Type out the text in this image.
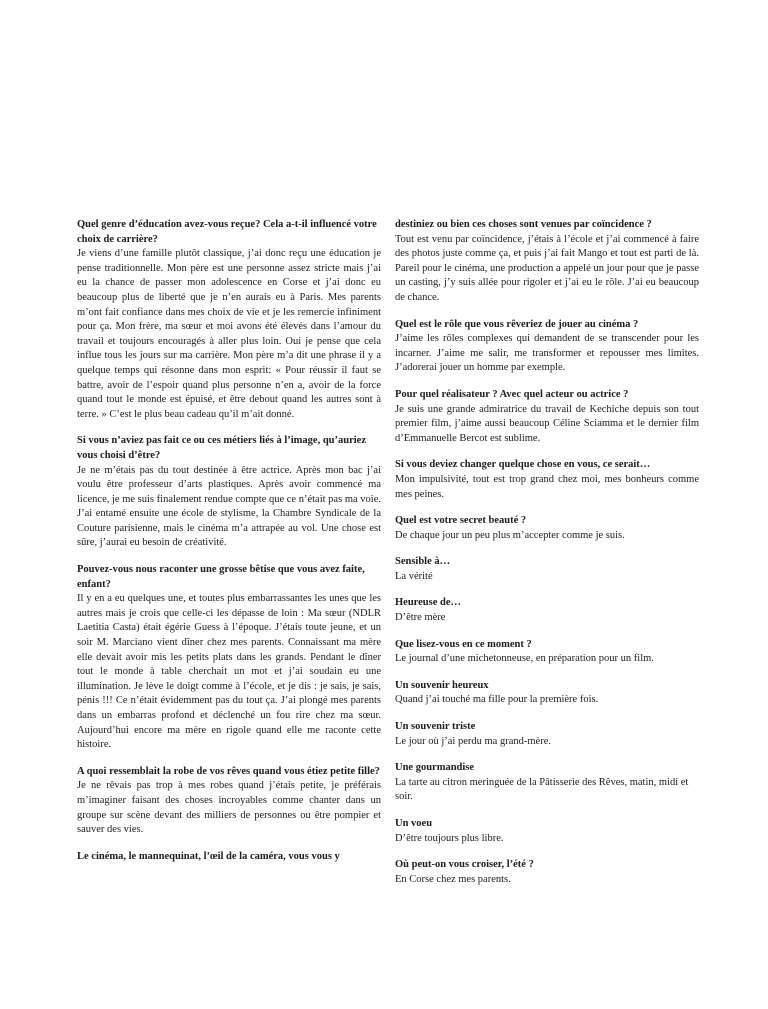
Quel genre d’éducation avez-vous reçue? Cela a-t-il influencé votre choix de carrière?

Je viens d’une famille plutôt classique, j’ai donc reçu une éducation je pense traditionnelle. Mon père est une personne assez stricte mais j’ai eu la chance de passer mon adolescence en Corse et j’ai donc eu beaucoup plus de liberté que je n’en aurais eu à Paris. Mes parents m’ont fait confiance dans mes choix de vie et je les remercie infiniment pour ça. Mon frère, ma sœur et moi avons été élevés dans l’amour du travail et toujours encouragés à aller plus loin. Oui je pense que cela influe tous les jours sur ma carrière. Mon père m’a dit une phrase il y a quelque temps qui résonne dans mon esprit: « Pour réussir il faut se battre, avoir de l’espoir quand plus personne n’en a, avoir de la force quand tout le monde est épuisé, et être debout quand les autres sont à terre. » C’est le plus beau cadeau qu’il m’ait donné.

Si vous n’aviez pas fait ce ou ces métiers liés à l’image, qu’auriez vous choisi d’être?

Je ne m’étais pas du tout destinée à être actrice. Après mon bac j’ai voulu être professeur d’arts plastiques. Après avoir commencé ma licence, je me suis finalement rendue compte que ce n’était pas ma voie. J’ai entamé ensuite une école de stylisme, la Chambre Syndicale de la Couture parisienne, mais le cinéma m’a attrapée au vol. Une chose est sûre, j’aurai eu besoin de créativité.

Pouvez-vous nous raconter une grosse bêtise que vous avez faite, enfant?

Il y en a eu quelques une, et toutes plus embarrassantes les unes que les autres mais je crois que celle-ci les dépasse de loin : Ma sœur (NDLR Laetitia Casta) était égérie Guess à l’époque. J’étais toute jeune, et un soir M. Marciano vient dîner chez mes parents. Connaissant ma mère elle devait avoir mis les petits plats dans les grands. Pendant le dîner tout le monde à table cherchait un mot et j’ai soudain eu une illumination. Je lève le doigt comme à l’école, et je dis : je sais, je sais, pénis !!! Ce n’était évidemment pas du tout ça. J’ai plongé mes parents dans un embarras profond et déclenché un fou rire chez ma sœur. Aujourd’hui encore ma mère en rigole quand elle me raconte cette histoire.

A quoi ressemblait la robe de vos rêves quand vous étiez petite fille?

Je ne rêvais pas trop à mes robes quand j’étais petite, je préférais m’imaginer faisant des choses incroyables comme chanter dans un groupe sur scène devant des milliers de personnes ou être pompier et sauver des vies.

Le cinéma, le mannequinat, l’œil de la caméra, vous vous y

destiniez ou bien ces choses sont venues par coïncidence ?

Tout est venu par coïncidence, j’étais à l’école et j’ai commencé à faire des photos juste comme ça, et puis j’ai fait Mango et tout est parti de là. Pareil pour le cinéma, une production a appelé un jour pour que je passe un casting, j’y suis allée pour rigoler et j’ai eu le rôle. J’ai eu beaucoup de chance.

Quel est le rôle que vous rêveriez de jouer au cinéma ?

J’aime les rôles complexes qui demandent de se transcender pour les incarner. J’aime me salir, me transformer et repousser mes limites. J’adorerai jouer un homme par exemple.

Pour quel réalisateur ? Avec quel acteur ou actrice ?

Je suis une grande admiratrice du travail de Kechiche depuis son tout premier film, j’aime aussi beaucoup Céline Sciamma et le dernier film d’Emmanuelle Bercot est sublime.

Si vous deviez changer quelque chose en vous, ce serait…

Mon impulsivité, tout est trop grand chez moi, mes bonheurs comme mes peines.

Quel est votre secret beauté ?

De chaque jour un peu plus m’accepter comme je suis.

Sensible à…

La vérité

Heureuse de…

D’être mère

Que lisez-vous en ce moment ?

Le journal d’une michetonneuse, en préparation pour un film.

Un souvenir heureux

Quand j’ai touché ma fille pour la première fois.

Un souvenir triste

Le jour où j’ai perdu ma grand-mère.

Une gourmandise

La tarte au citron meringuée de la Pâtisserie des Rêves, matin, midi et soir.

Un voeu

D’être toujours plus libre.

Où peut-on vous croiser, l’été ?

En Corse chez mes parents.
